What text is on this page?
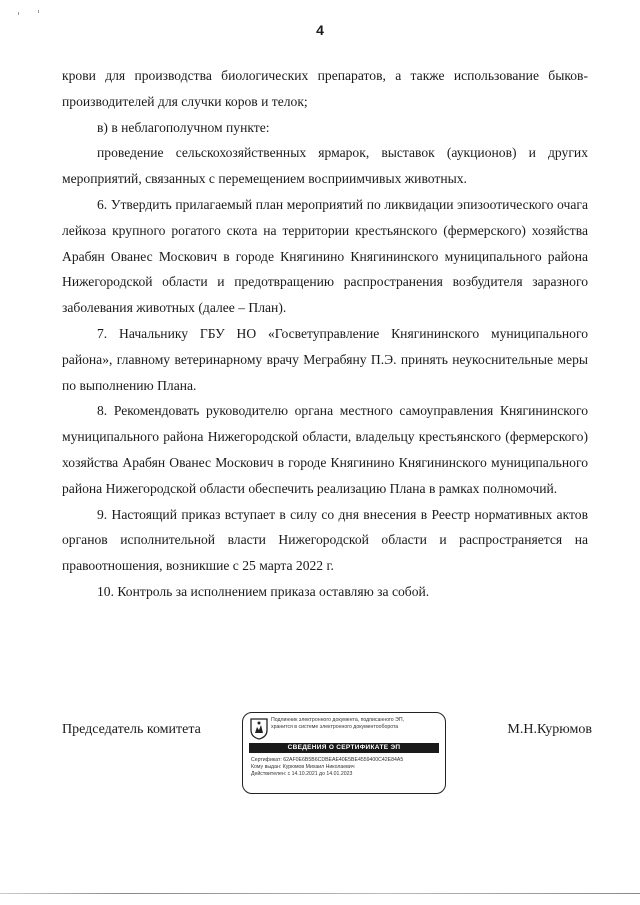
4

крови для производства биологических препаратов, а также использование быков-производителей для случки коров и телок;

в) в неблагополучном пункте:

проведение сельскохозяйственных ярмарок, выставок (аукционов) и других мероприятий, связанных с перемещением восприимчивых животных.

6. Утвердить прилагаемый план мероприятий по ликвидации эпизоотического очага лейкоза крупного рогатого скота на территории крестьянского (фермерского) хозяйства Арабян Ованес Москович в городе Княгинино Княгининского муниципального района Нижегородской области и предотвращению распространения возбудителя заразного заболевания животных (далее – План).

7. Начальнику ГБУ НО «Госветуправление Княгининского муниципального района», главному ветеринарному врачу Меграбяну П.Э. принять неукоснительные меры по выполнению Плана.

8. Рекомендовать руководителю органа местного самоуправления Княгининского муниципального района Нижегородской области, владельцу крестьянского (фермерского) хозяйства Арабян Ованес Москович в городе Княгинино Княгининского муниципального района Нижегородской области обеспечить реализацию Плана в рамках полномочий.

9. Настоящий приказ вступает в силу со дня внесения в Реестр нормативных актов органов исполнительной власти Нижегородской области и распространяется на правоотношения, возникшие с 25 марта 2022 г.

10. Контроль за исполнением приказа оставляю за собой.

Председатель комитета
Подлинник электронного документа, подписанного ЭП,
хранится в системе электронного документооборота
СВЕДЕНИЯ О СЕРТИФИКАТЕ ЭП
Сертификат: 62AF0E6B5B6CDBEAE40E5BE4559400C42E84A5
Кому выдан: Курюмов Михаил Николаевич
Действителен: с 14.10.2021 до 14.01.2023
М.Н.Курюмов
